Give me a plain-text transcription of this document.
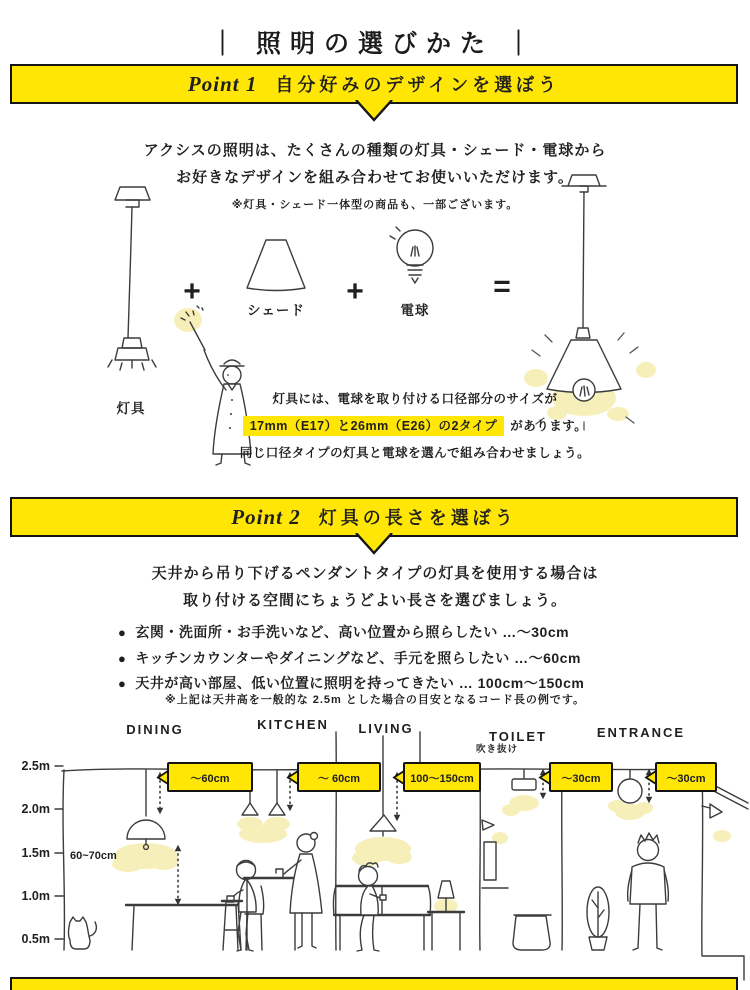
｜ 照明の選びかた ｜
Point 1 自分好みのデザインを選ぼう
アクシスの照明は、たくさんの種類の灯具・シェード・電球から
お好きなデザインを組み合わせてお使いいただけます。
※灯具・シェード一体型の商品も、一部ございます。
灯具
+
シェード
+
電球
=

灯具には、電球を取り付ける口径部分のサイズが

17mm（E17）と26mm（E26）の2タイプ があります。

同じ口径タイプの灯具と電球を選んで組み合わせましょう。

Point 2 灯具の長さを選ぼう
天井から吊り下げるペンダントタイプの灯具を使用する場合は
取り付ける空間にちょうどよい長さを選びましょう。
● 玄関・洗面所・お手洗いなど、高い位置から照らしたい …～30cm
● キッチンカウンターやダイニングなど、手元を照らしたい …～60cm
● 天井が高い部屋、低い位置に照明を持ってきたい … 100cm～150cm
※上記は天井高を一般的な 2.5m とした場合の目安となるコード長の例です。
DINING	KITCHEN LIVING
TOILET	ENTRANCE
吹き抜け
2.5m
2.0m
1.5m
1.0m
0.5m
60~70cm
～60cm	～ 60cm	100～150cm	～30cm	～30cm
